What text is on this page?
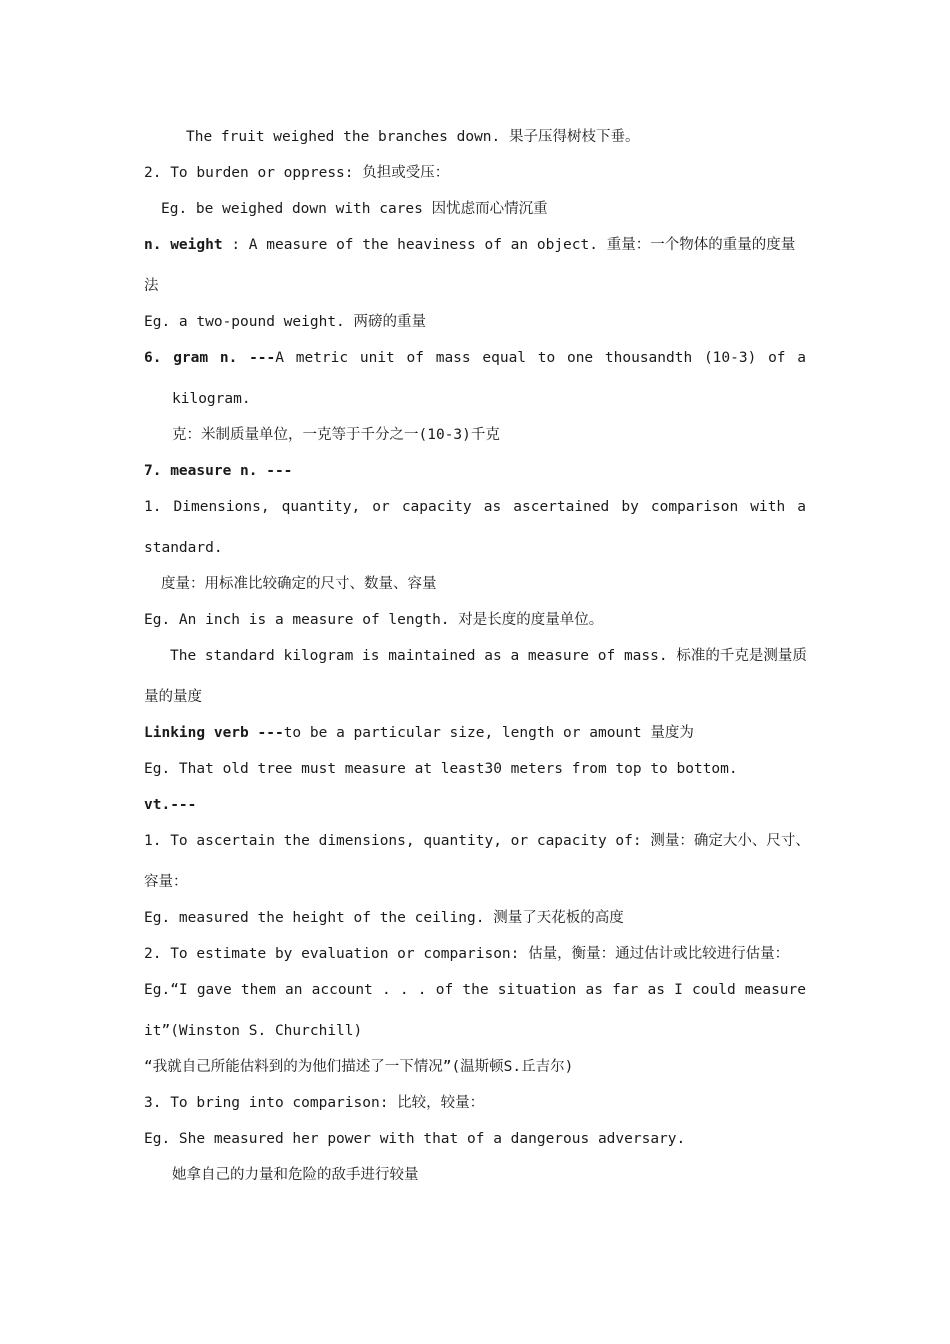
The fruit weighed the branches down. 果子压得树枝下垂。
2. To burden or oppress: 负担或受压：
Eg. be weighed down with cares 因忧虑而心情沉重
n. weight : A measure of the heaviness of an object. 重量：一个物体的重量的度量
法
Eg. a two-pound weight. 两磅的重量
6. gram n. ---A metric unit of mass equal to one thousandth (10-3) of a
kilogram.
克：米制质量单位，一克等于千分之一(10-3)千克
7. measure n. ---
1. Dimensions, quantity, or capacity as ascertained by comparison with a
standard.
度量：用标准比较确定的尺寸、数量、容量
Eg. An inch is a measure of length. 对是长度的度量单位。
The standard kilogram is maintained as a measure of mass. 标准的千克是测量质
量的量度
Linking verb ---to be a particular size, length or amount 量度为
Eg. That old tree must measure at least30 meters from top to bottom.
vt.---
1. To ascertain the dimensions, quantity, or capacity of: 测量：确定大小、尺寸、
容量：
Eg. measured the height of the ceiling. 测量了天花板的高度
2. To estimate by evaluation or comparison: 估量，衡量：通过估计或比较进行估量：
Eg.“I gave them an account . . . of the situation as far as I could measure
it”(Winston S. Churchill)
“我就自己所能估料到的为他们描述了一下情况”(温斯顿S.丘吉尔)
3. To bring into comparison: 比较，较量：
Eg. She measured her power with that of a dangerous adversary.
她拿自己的力量和危险的敌手进行较量
